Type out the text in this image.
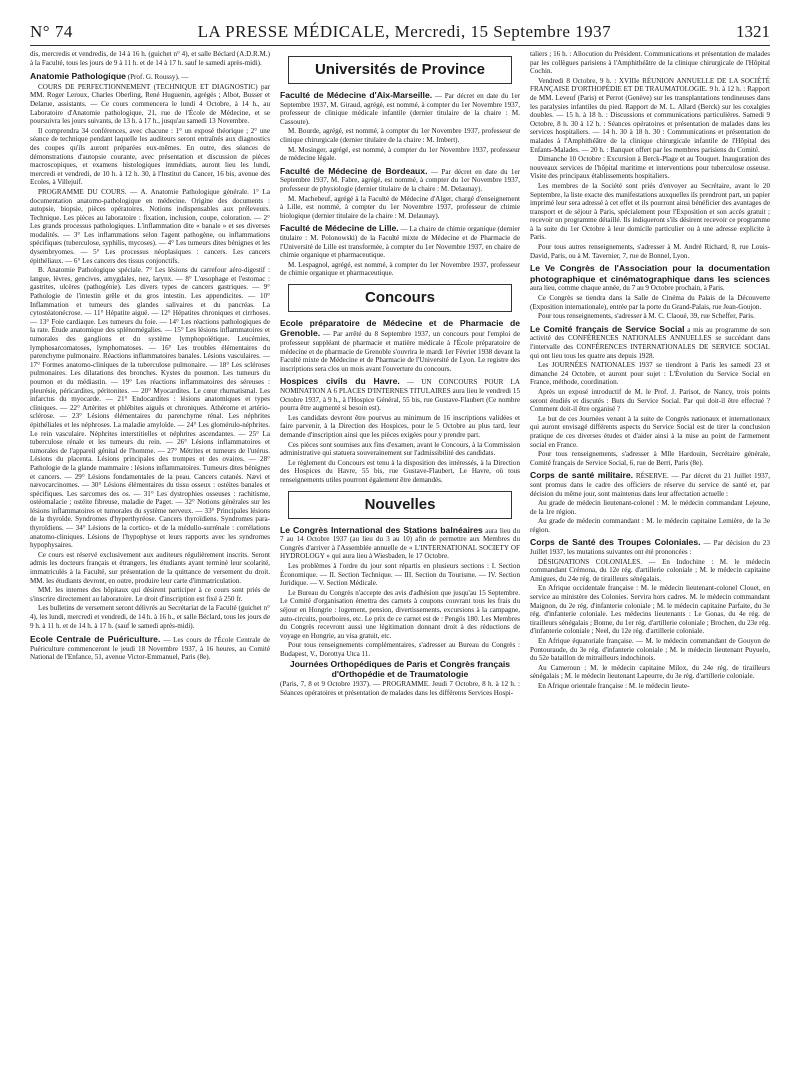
N° 74	LA PRESSE MÉDICALE, Mercredi, 15 Septembre 1937	1321

dis, mercredis et vendredis, de 14 à 16 h. (guichet n° 4), et salle Béclard (A.D.R.M.) à la Faculté, tous les jours de 9 à 11 h. et de 14 à 17 h. sauf le samedi après-midi).

Anatomie Pathologique (Prof. G. Roussy). —

COURS DE PERFECTIONNEMENT (TECHNIQUE ET DIAGNOSTIC) par MM. Roger Leroux, Charles Oberling, René Huguenin, agrégés ; Albot, Busser et Delarue, assistants. — Ce cours commencera le lundi 4 Octobre, à 14 h., au Laboratoire d'Anatomie pathologique, 21, rue de l'École de Médecine, et se poursuivra les jours suivants, de 13 h. à 17 h., jusqu'au samedi 13 Novembre.

Il comprendra 34 conférences, avec chacune : 1° un exposé théorique ; 2° une séance de technique pendant laquelle les auditeurs seront entraînés aux diagnostics des coupes qu'ils auront préparées eux-mêmes. En outre, des séances de démonstrations d'autopsie courante, avec présentation et discussion de pièces macroscopiques, et examens histologiques immédiats, auront lieu les lundi, mercredi et vendredi, de 10 h. à 12 h. 30, à l'Institut du Cancer, 16 bis, avenue des Ecoles, à Villejuif.

PROGRAMME DU COURS. — A. Anatomie Pathologique générale. 1° La documentation anatomo-pathologique en médecine. Origine des documents : autopsie, biopsie, pièces opératoires. Notions indispensables aux préleveurs. Technique. Les pièces au laboratoire : fixation, inclusion, coupe, coloration. — 2° Les grands processus pathologiques. L'inflammation dite « banale » et ses diverses modalités. — 3° Les inflammations selon l'agent pathogène, ou inflammations spécifiques (tuberculose, syphilis, mycoses). — 4° Les tumeurs dites bénignes et les dysembryomes. — 5° Les processus néoplasiques : cancers. Les cancers épithéliaux. — 6° Les cancers des tissus conjonctifs.

B. Anatomie Pathologique spéciale. 7° Les lésions du carrefour aéro-digestif : langue, lèvres, gencives, amygdales, nez, larynx. — 8° L'œsophage et l'estomac : gastrites, ulcères (pathogénie). Les divers types de cancers gastriques. — 9° Pathologie de l'intestin grêle et du gros intestin. Les appendicites. — 10° Inflammation et tumeurs des glandes salivaires et du pancréas. La cytostéatonécrose. — 11° Hépatite aiguë. — 12° Hépatites chroniques et cirrhoses. — 13° Foie cardiaque. Les tumeurs du foie. — 14° Les réactions pathologiques de la rate. Étude anatomique des splénomégalies. — 15° Les lésions inflammatoires et tumorales des ganglions et du système lymphopoïétique. Leucémies, lymphosarcomatoses, lymphomatoses. — 16° Les troubles élémentaires du parenchyme pulmonaire. Réactions inflammatoires banales. Lésions vasculaires. — 17° Formes anatomo-cliniques de la tuberculose pulmonaire. — 18° Les scléroses pulmonaires. Les dilatations des bronches. Kystes du poumon. Les tumeurs du poumon et du médiastin. — 19° Les réactions inflammatoires des séreuses : pleurésie, péricardites, péritonites. — 20° Myocardites. Le cœur rhumatismal. Les infarctus du myocarde. — 21° Endocardites : lésions anatomiques et types cliniques. — 22° Artérites et phlébites aiguës et chroniques. Athérome et artério-sclérose. — 23° Lésions élémentaires du parenchyme rénal. Les néphrites épithéliales et les néphroses. La maladie amyloïde. — 24° Les glomérulo-néphrites. Le rein vasculaire. Néphrites interstitielles et néphrites ascendantes. — 25° La tuberculose rénale et les tumeurs du rein. — 26° Lésions inflammatoires et tumorales de l'appareil génital de l'homme. — 27° Métrites et tumeurs de l'utérus. Lésions du placenta. Lésions principales des trompes et des ovaires. — 28° Pathologie de la glande mammaire : lésions inflammatoires. Tumeurs dites bénignes et cancers. — 29° Lésions fondamentales de la peau. Cancers cutanés. Nævi et nævocarcinomes. — 30° Lésions élémentaires du tissu osseux : ostéites banales et spécifiques. Les sarcomes des os. — 31° Les dystrophies osseuses : rachitisme, ostéomalacie ; ostéite fibreuse, maladie de Paget. — 32° Notions générales sur les lésions inflammatoires et tumorales du système nerveux. — 33° Principales lésions de la thyroïde. Syndromes d'hyperthyréose. Cancers thyroïdiens. Syndromes para-thyroïdiens. — 34° Lésions de la cortico- et de la médullo-surrénale : corrélations anatomo-cliniques. Lésions de l'hypophyse et leurs rapports avec les syndromes hypophysaires.

Ce cours est réservé exclusivement aux auditeurs régulièrement inscrits. Seront admis les docteurs français et étrangers, les étudiants ayant terminé leur scolarité, immatriculés à la Faculté, sur présentation de la quittance de versement du droit. MM. les étudiants devront, en outre, produire leur carte d'immatriculation.

MM. les internes des hôpitaux qui désirent participer à ce cours sont priés de s'inscrire directement au laboratoire. Le droit d'inscription est fixé à 250 fr.

Les bulletins de versement seront délivrés au Secrétariat de la Faculté (guichet n° 4), les lundi, mercredi et vendredi, de 14 h. à 16 h., et salle Béclard, tous les jours de 9 h. à 11 h. et de 14 h. à 17 h. (sauf le samedi après-midi).

Ecole Centrale de Puériculture. — Les cours de l'École Centrale de Puériculture commenceront le jeudi 18 Novembre 1937, à 16 heures, au Comité National de l'Enfance, 51, avenue Victor-Emmanuel, Paris (8e).

Universités de Province

Faculté de Médecine d'Aix-Marseille. — Par décret en date du 1er Septembre 1937, M. Giraud, agrégé, est nommé, à compter du 1er Novembre 1937, professeur de clinique médicale infantile (dernier titulaire de la chaire : M. Cassoute).

M. Bourde, agrégé, est nommé, à compter du 1er Novembre 1937, professeur de clinique chirurgicale (dernier titulaire de la chaire : M. Imbert).

M. Mosinger, agrégé, est nommé, à compter du 1er Novembre 1937, professeur de médecine légale.

Faculté de Médecine de Bordeaux. — Par décret en date du 1er Septembre 1937, M. Fabre, agrégé, est nommé, à compter du 1er Novembre 1937, professeur de physiologie (dernier titulaire de la chaire : M. Delaunay).

M. Machebeuf, agrégé à la Faculté de Médecine d'Alger, chargé d'enseignement à Lille, est nommé, à compter du 1er Novembre 1937, professeur de chimie biologique (dernier titulaire de la chaire : M. Delaunay).

Faculté de Médecine de Lille. — La chaire de chimie organique (dernier titulaire : M. Polonowski) de la Faculté mixte de Médecine et de Pharmacie de l'Université de Lille est transformée, à compter du 1er Novembre 1937, en chaire de chimie organique et pharmaceutique.

M. Lespagnol, agrégé, est nommé, à compter du 1er Novembre 1937, professeur de chimie organique et pharmaceutique.

Concours

Ecole préparatoire de Médecine et de Pharmacie de Grenoble. — Par arrêté du 8 Septembre 1937, un concours pour l'emploi de professeur suppléant de pharmacie et matière médicale à l'École préparatoire de médecine et de pharmacie de Grenoble s'ouvrira le mardi 1er Février 1938 devant la Faculté mixte de Médecine et de Pharmacie de l'Université de Lyon. Le registre des inscriptions sera clos un mois avant l'ouverture du concours.

Hospices civils du Havre. — UN CONCOURS POUR LA NOMINATION A 6 PLACES D'INTERNES TITULAIRES aura lieu le vendredi 15 Octobre 1937, à 9 h., à l'Hospice Général, 55 bis, rue Gustave-Flaubert (Ce nombre pourra être augmenté si besoin est).

Les candidats devront être pourvus au minimum de 16 inscriptions validées et faire parvenir, à la Direction des Hospices, pour le 5 Octobre au plus tard, leur demande d'inscription ainsi que les pièces exigées pour y prendre part.

Ces pièces sont soumises aux fins d'examen, avant le Concours, à la Commission administrative qui statuera souverainement sur l'admissibilité des candidats.

Le règlement du Concours est tenu à la disposition des intéressés, à la Direction des Hospices du Havre, 55 bis, rue Gustave-Flaubert, Le Havre, où tous renseignements utiles pourront également être demandés.

Nouvelles

Le Congrès International des Stations balnéaires aura lieu du 7 au 14 Octobre 1937 (au lieu du 3 au 10) afin de permettre aux Membres du Congrès d'arriver à l'Assemblée annuelle de « L'INTERNATIONAL SOCIETY OF HYDROLOGY » qui aura lieu à Wiesbaden, le 17 Octobre.

Les problèmes à l'ordre du jour sont répartis en plusieurs sections : I. Section Économique. — II. Section Technique. — III. Section du Tourisme. — IV. Section Juridique. — V. Section Médicale.

Le Bureau du Congrès n'accepte des avis d'adhésion que jusqu'au 15 Septembre. Le Comité d'organisation émettra des carnets à coupons couvrant tous les frais du séjour en Hongrie : logement, pension, divertissements, excursions à la campagne, auto-circuits, pourboires, etc. Le prix de ce carnet est de : Pengös 180. Les Membres du Congrès recevront aussi une légitimation donnant droit à des réductions de voyage en Hongrie, au visa gratuit, etc.

Pour tous renseignements complémentaires, s'adresser au Bureau du Congrès : Budapest, V., Dorottya Utca 11.

Journées Orthopédiques de Paris et Congrès français d'Orthopédie et de Traumatologie

(Paris, 7, 8 et 9 Octobre 1937). — PROGRAMME. Jeudi 7 Octobre, 8 h. à 12 h. : Séances opératoires et présentation de malades dans les différents Services Hospi-

taliers ; 16 h. : Allocution du Président. Communications et présentation de malades par les collègues parisiens à l'Amphithéâtre de la clinique chirurgicale de l'Hôpital Cochin.

Vendredi 8 Octobre, 9 h. : XVIIIe RÉUNION ANNUELLE DE LA SOCIÉTÉ FRANÇAISE D'ORTHOPÉDIE ET DE TRAUMATOLOGIE. 9 h. à 12 h. : Rapport de MM. Leveuf (Paris) et Perrot (Genève) sur les transplantations tendineuses dans les paralysies infantiles du pied. Rapport de M. L. Allard (Berck) sur les coxalgies doubles. — 15 h. à 18 h. : Discussions et communications particulières. Samedi 9 Octobre, 8 h. 30 à 12 h. : Séances opératoires et présentation de malades dans les services hospitaliers. — 14 h. 30 à 18 h. 30 : Communications et présentation de malades à l'Amphithéâtre de la clinique chirurgicale infantile de l'Hôpital des Enfants-Malades. — 20 h. : Banquet offert par les membres parisiens du Comité.

Dimanche 10 Octobre : Excursion à Berck-Plage et au Touquet. Inauguration des nouveaux services de l'hôpital maritime et interventions pour tuberculose osseuse. Visite des principaux établissements hospitaliers.

Les membres de la Société sont priés d'envoyer au Secrétaire, avant le 20 Septembre, la liste exacte des manifestations auxquelles ils prendront part, un papier imprimé leur sera adressé à cet effet et ils pourront ainsi bénéficier des avantages de transport et de séjour à Paris, spécialement pour l'Exposition et son accès gratuit ; recevoir un programme détaillé. Ils indiqueront s'ils désirent recevoir ce programme à la suite du 1er Octobre à leur domicile particulier ou à une adresse explicite à Paris.

Pour tous autres renseignements, s'adresser à M. André Richard, 8, rue Louis-David, Paris, ou à M. Tavernier, 7, rue de Bonnel, Lyon.

Le Ve Congrès de l'Association pour la documentation photographique et cinématographique dans les sciences aura lieu, comme chaque année, du 7 au 9 Octobre prochain, à Paris.

Ce Congrès se tiendra dans la Salle de Cinéma du Palais de la Découverte (Exposition internationale), entrée par la porte du Grand-Palais, rue Jean-Goujon.

Pour tous renseignements, s'adresser à M. C. Claoué, 39, rue Scheffer, Paris.

Le Comité français de Service Social a mis au programme de son activité des CONFÉRENCES NATIONALES ANNUELLES se succédant dans l'intervalle des CONFÉRENCES INTERNATIONALES DE SERVICE SOCIAL qui ont lieu tous les quatre ans depuis 1928.

Les JOURNÉES NATIONALES 1937 se tiendront à Paris les samedi 23 et dimanche 24 Octobre, et auront pour sujet : L'Évolution du Service Social en France, méthode, coordination.

Après un exposé introductif de M. le Prof. J. Parisot, de Nancy, trois points seront étudiés et discutés : Buts du Service Social. Par qui doit-il être effectué ? Comment doit-il être organisé ?

Le but de ces Journées venant à la suite de Congrès nationaux et internationaux qui auront envisagé différents aspects du Service Social est de tirer la conclusion pratique de ces diverses études et d'aider ainsi à la mise au point de l'armement social en France.

Pour tous renseignements, s'adresser à Mlle Hardouin, Secrétaire générale, Comité français de Service Social, 6, rue de Berri, Paris (8e).

Corps de santé militaire. RÉSERVE. — Par décret du 21 Juillet 1937, sont promus dans le cadre des officiers de réserve du service de santé et, par décision du même jour, sont maintenus dans leur affectation actuelle :

Au grade de médecin lieutenant-colonel : M. le médecin commandant Lejeune, de la 1re région.

Au grade de médecin commandant : M. le médecin capitaine Lemière, de la 3e région.

Corps de Santé des Troupes Coloniales. — Par décision du 23 Juillet 1937, les mutations suivantes ont été prononcées :

DÉSIGNATIONS COLONIALES. — En Indochine : M. le médecin commandant Crémona, du 12e rég. d'artillerie coloniale ; M. le médecin capitaine Amigues, du 24e rég. de tirailleurs sénégalais.

En Afrique occidentale française : M. le médecin lieutenant-colonel Clouet, en service au ministère des Colonies. Servira hors cadres. M. le médecin commandant Maignon, du 2e rég. d'infanterie coloniale ; M. le médecin capitaine Parfaite, du 3e rég. d'infanterie coloniale. Les médecins lieutenants : Le Gonas, du 4e rég. de tirailleurs sénégalais ; Bonne, du 1er rég. d'artillerie coloniale ; Brochen, du 23e rég. d'infanterie coloniale ; Neel, du 12e rég. d'artillerie coloniale.

En Afrique équatoriale française. — M. le médecin commandant de Gouyon de Pontouraude, du 3e rég. d'infanterie coloniale ; M. le médecin lieutenant Puyuelo, du 52e bataillon de mitrailleurs indochinois.

Au Cameroun : M. le médecin capitaine Milox, du 24e rég. de tirailleurs sénégalais ; M. le médecin lieutenant Lapeurre, du 3e rég. d'artillerie coloniale.

En Afrique orientale française : M. le médecin lieute-
